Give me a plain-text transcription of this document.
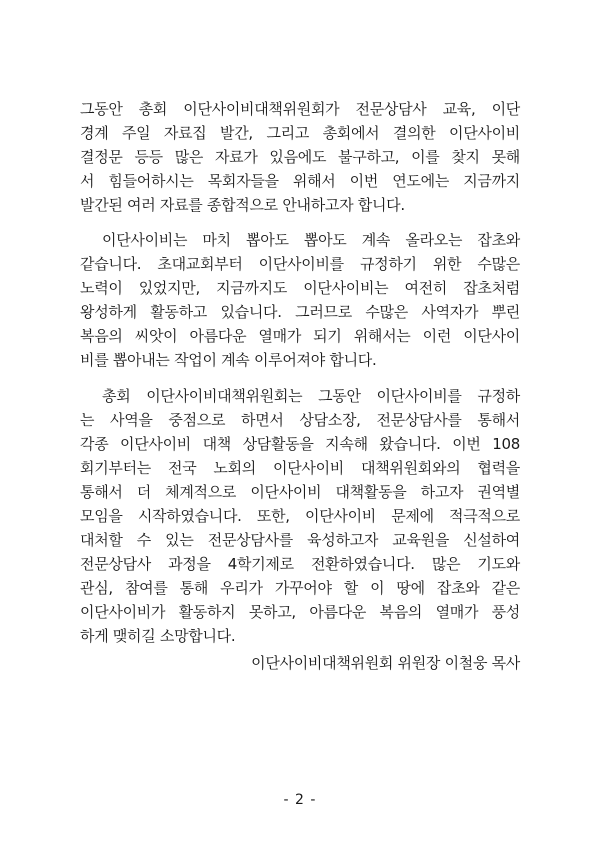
그동안 총회 이단사이비대책위원회가 전문상담사 교육, 이단
경계 주일 자료집 발간, 그리고 총회에서 결의한 이단사이비
결정문 등등 많은 자료가 있음에도 불구하고, 이를 찾지 못해
서 힘들어하시는 목회자들을 위해서 이번 연도에는 지금까지
발간된 여러 자료를 종합적으로 안내하고자 합니다.
이단사이비는 마치 뽑아도 뽑아도 계속 올라오는 잡초와
같습니다. 초대교회부터 이단사이비를 규정하기 위한 수많은
노력이 있었지만, 지금까지도 이단사이비는 여전히 잡초처럼
왕성하게 활동하고 있습니다. 그러므로 수많은 사역자가 뿌린
복음의 씨앗이 아름다운 열매가 되기 위해서는 이런 이단사이
비를 뽑아내는 작업이 계속 이루어져야 합니다.
총회 이단사이비대책위원회는 그동안 이단사이비를 규정하
는 사역을 중점으로 하면서 상담소장, 전문상담사를 통해서
각종 이단사이비 대책 상담활동을 지속해 왔습니다. 이번 108
회기부터는 전국 노회의 이단사이비 대책위원회와의 협력을
통해서 더 체계적으로 이단사이비 대책활동을 하고자 권역별
모임을 시작하였습니다. 또한, 이단사이비 문제에 적극적으로
대처할 수 있는 전문상담사를 육성하고자 교육원을 신설하여
전문상담사 과정을 4학기제로 전환하였습니다. 많은 기도와
관심, 참여를 통해 우리가 가꾸어야 할 이 땅에 잡초와 같은
이단사이비가 활동하지 못하고, 아름다운 복음의 열매가 풍성
하게 맺히길 소망합니다.
이단사이비대책위원회 위원장 이철웅 목사
- 2 -
